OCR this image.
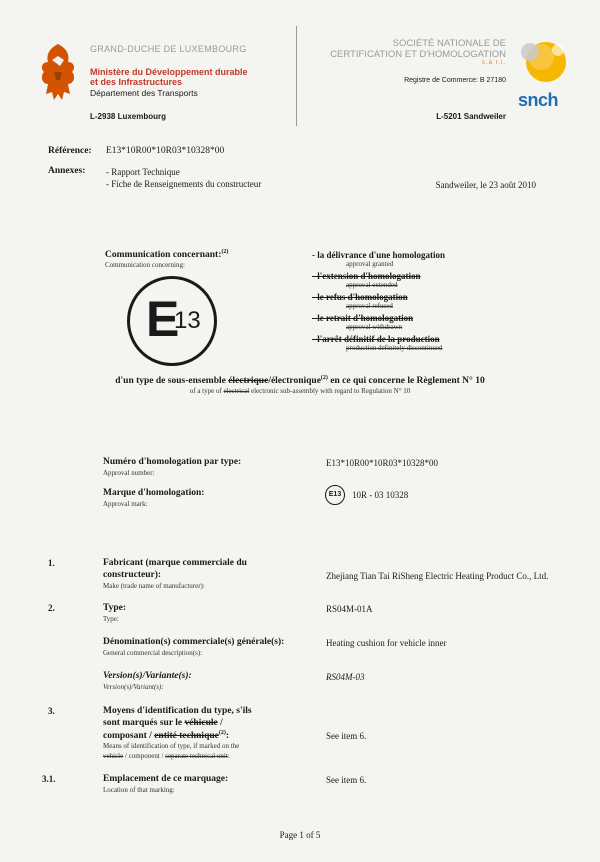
GRAND-DUCHE DE LUXEMBOURG
Ministère du Développement durable
et des Infrastructures
Département des Transports
L-2938 Luxembourg
SOCIÉTÉ NATIONALE DE
CERTIFICATION ET D'HOMOLOGATION
s.à r.l.
Registre de Commerce: B 27180
L-5201 Sandweiler
snch
Référence: E13*10R00*10R03*10328*00
Annexes: - Rapport Technique
- Fiche de Renseignements du constructeur	Sandweiler, le 23 août 2010
Communication concernant:$^{(2)}$
Communication concerning:
E
13
- la délivrance d'une homologation
approval granted
- l'extension d'homologation
approval extended
- le refus d'homologation
approval refused
- le retrait d'homologation
approval withdrawn
- l'arrêt définitif de la production
production definitely discontinued
d'un type de sous-ensemble électrique/électronique$^{(2)}$ en ce qui concerne le Règlement N° 10
of a type of electrical electronic sub-assembly with regard to Regulation N° 10
Numéro d'homologation par type:
Approval number:
E13*10R00*10R03*10328*00
Marque d'homologation:
Approval mark:
E13	10R - 03 10328
1.	Fabricant (marque commerciale du
constructeur):
Make (trade name of manufacturer):
Zhejiang Tian Tai RiSheng Electric Heating Product Co., Ltd.
2.	Type:
Type:
RS04M-01A
Dénomination(s) commerciale(s) générale(s):
General commercial description(s):
Heating cushion for vehicle inner
Version(s)/Variante(s):
Version(s)/Variant(s):
RS04M-03
3.	Moyens d'identification du type, s'ils
sont marqués sur le véhicule /
composant / entité technique$^{(2)}$:
Means of identification of type, if marked on the
vehicle / component / separate technical unit:
See item 6.
3.1.	Emplacement de ce marquage:
Location of that marking:
See item 6.
Page 1 of 5
